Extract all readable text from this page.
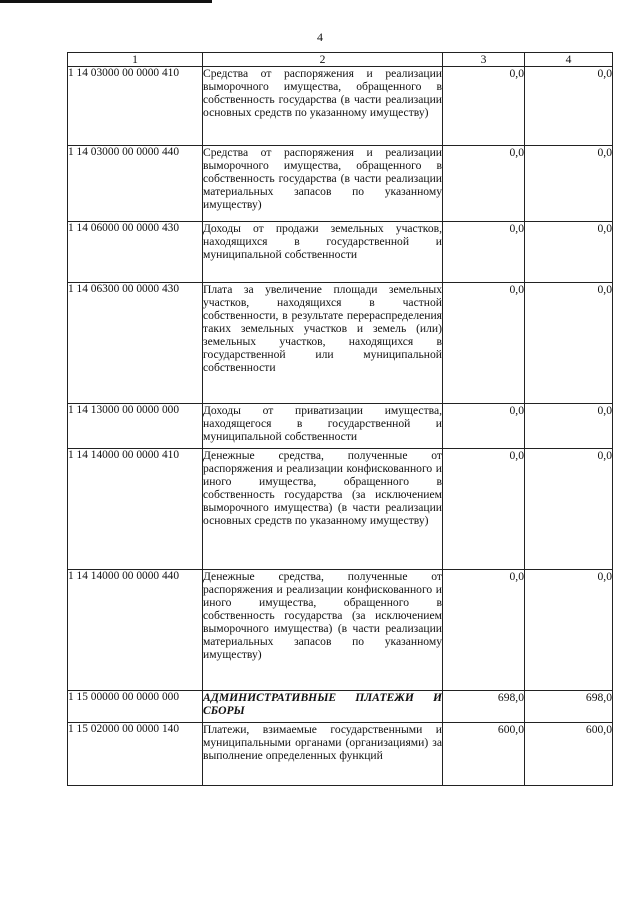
4
1	2	3	4
1 14 03000 00 0000 410	Средства от распоряжения и реализации выморочного имущества, обращенного в собственность государства (в части реализации основных средств по указанному имуществу)	0,0	0,0
1 14 03000 00 0000 440	Средства от распоряжения и реализации выморочного имущества, обращенного в собственность государства (в части реализации материальных запасов по указанному имуществу)	0,0	0,0
1 14 06000 00 0000 430	Доходы от продажи земельных участков, находящихся в государственной и муниципальной собственности	0,0	0,0
1 14 06300 00 0000 430	Плата за увеличение площади земельных участков, находящихся в частной собственности, в результате перераспределения таких земельных участков и земель (или) земельных участков, находящихся в государственной или муниципальной собственности	0,0	0,0
1 14 13000 00 0000 000	Доходы от приватизации имущества, находящегося в государственной и муниципальной собственности	0,0	0,0
1 14 14000 00 0000 410	Денежные средства, полученные от распоряжения и реализации конфискованного и иного имущества, обращенного в собственность государства (за исключением выморочного имущества) (в части реализации основных средств по указанному имуществу)	0,0	0,0
1 14 14000 00 0000 440	Денежные средства, полученные от распоряжения и реализации конфискованного и иного имущества, обращенного в собственность государства (за исключением выморочного имущества) (в части реализации материальных запасов по указанному имуществу)	0,0	0,0
1 15 00000 00 0000 000	АДМИНИСТРАТИВНЫЕ ПЛАТЕЖИ И СБОРЫ	698,0	698,0
1 15 02000 00 0000 140	Платежи, взимаемые государственными и муниципальными органами (организациями) за выполнение определенных функций	600,0	600,0
